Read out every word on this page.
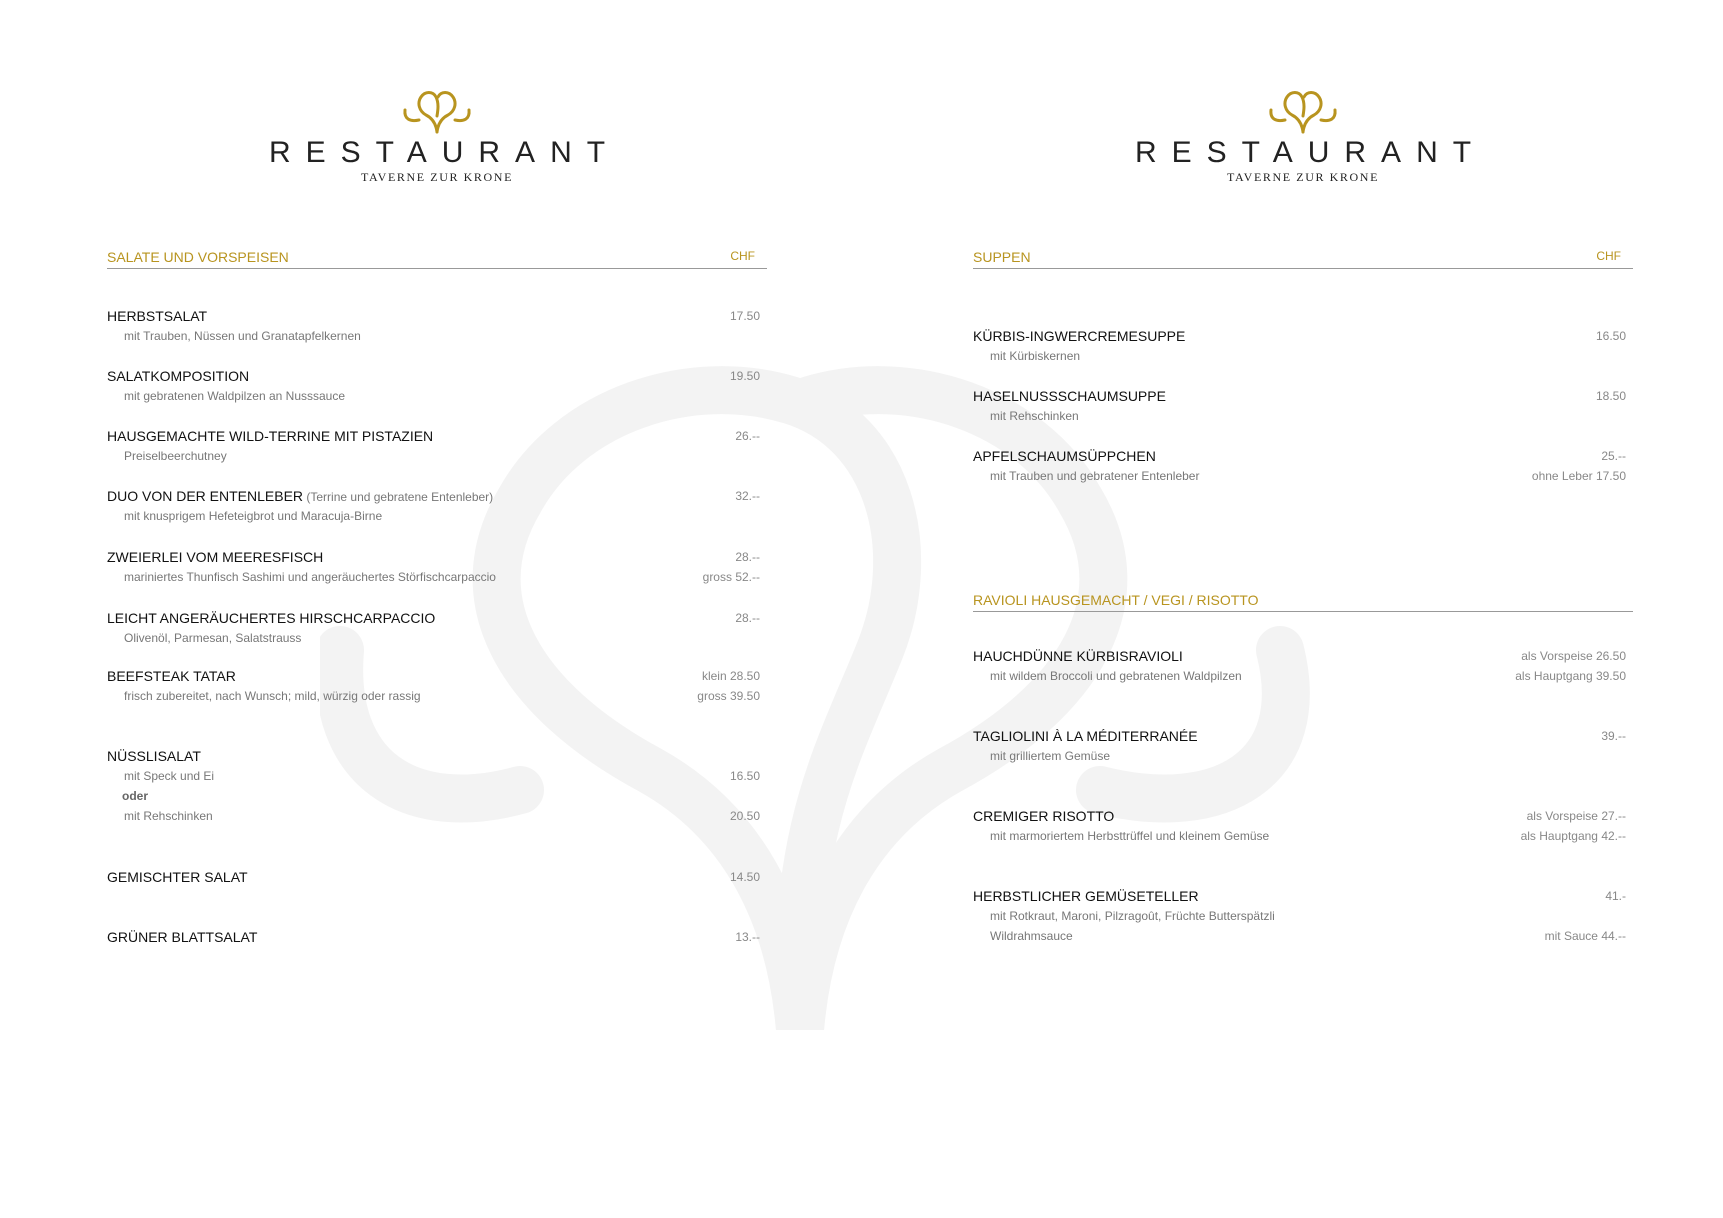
RESTAURANT
TAVERNE ZUR KRONE
SALATE UND VORSPEISEN	CHF
HERBSTSALAT	17.50
mit Trauben, Nüssen und Granatapfelkernen
SALATKOMPOSITION	19.50
mit gebratenen Waldpilzen an Nusssauce
HAUSGEMACHTE WILD-TERRINE MIT PISTAZIEN	26.--
Preiselbeerchutney
DUO VON DER ENTENLEBER (Terrine und gebratene Entenleber)	32.--
mit knusprigem Hefeteigbrot und Maracuja-Birne
ZWEIERLEI VOM MEERESFISCH	28.--
mariniertes Thunfisch Sashimi und angeräuchertes Störfischcarpaccio	gross 52.--
LEICHT ANGERÄUCHERTES HIRSCHCARPACCIO	28.--
Olivenöl, Parmesan, Salatstrauss
BEEFSTEAK TATAR	klein 28.50
frisch zubereitet, nach Wunsch; mild, würzig oder rassig	gross 39.50
NÜSSLISALAT
mit Speck und Ei	16.50
oder
mit Rehschinken	20.50
GEMISCHTER SALAT	14.50
GRÜNER BLATTSALAT	13.--
RESTAURANT
TAVERNE ZUR KRONE
SUPPEN	CHF
KÜRBIS-INGWERCREMESUPPE	16.50
mit Kürbiskernen
HASELNUSSSCHAUMSUPPE	18.50
mit Rehschinken
APFELSCHAUMSÜPPCHEN	25.--
mit Trauben und gebratener Entenleber	ohne Leber 17.50
RAVIOLI HAUSGEMACHT / VEGI / RISOTTO
HAUCHDÜNNE KÜRBISRAVIOLI	als Vorspeise 26.50
mit wildem Broccoli und gebratenen Waldpilzen	als Hauptgang 39.50
TAGLIOLINI À LA MÉDITERRANÉE	39.--
mit grilliertem Gemüse
CREMIGER RISOTTO	als Vorspeise 27.--
mit marmoriertem Herbsttrüffel und kleinem Gemüse	als Hauptgang 42.--
HERBSTLICHER GEMÜSETELLER	41.-
mit Rotkraut, Maroni, Pilzragoût, Früchte Butterspätzli
Wildrahmsauce	mit Sauce 44.--
